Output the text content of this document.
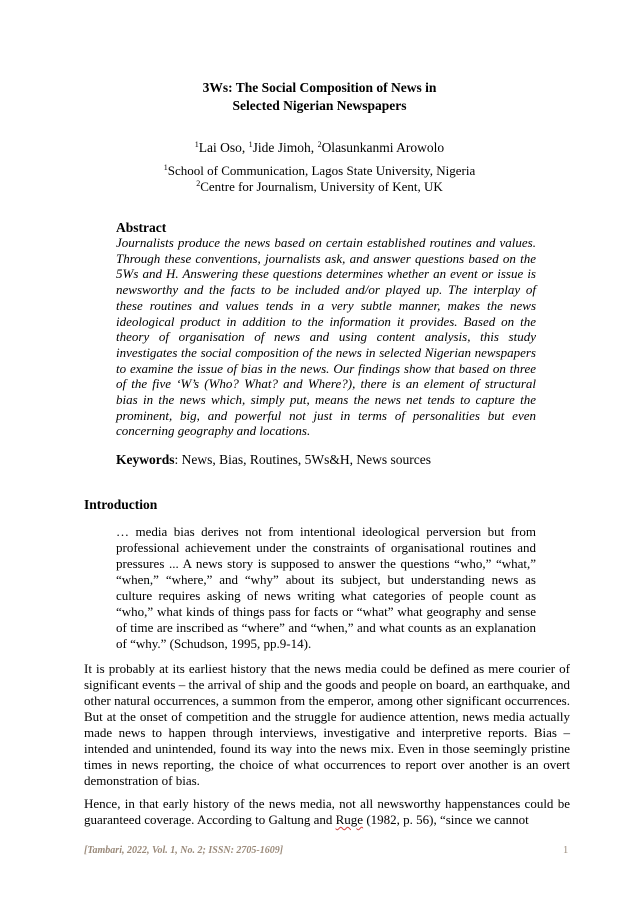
3Ws: The Social Composition of News in
Selected Nigerian Newspapers
$^1$Lai Oso, $^1$Jide Jimoh, $^2$Olasunkanmi Arowolo
$^1$School of Communication, Lagos State University, Nigeria
$^2$Centre for Journalism, University of Kent, UK
Abstract
Journalists produce the news based on certain established routines and values. Through these conventions, journalists ask, and answer questions based on the 5Ws and H. Answering these questions determines whether an event or issue is newsworthy and the facts to be included and/or played up. The interplay of these routines and values tends in a very subtle manner, makes the news ideological product in addition to the information it provides. Based on the theory of organisation of news and using content analysis, this study investigates the social composition of the news in selected Nigerian newspapers to examine the issue of bias in the news. Our findings show that based on three of the five ‘W’s (Who? What? and Where?), there is an element of structural bias in the news which, simply put, means the news net tends to capture the prominent, big, and powerful not just in terms of personalities but even concerning geography and locations.
Keywords: News, Bias, Routines, 5Ws&H, News sources
Introduction
… media bias derives not from intentional ideological perversion but from professional achievement under the constraints of organisational routines and pressures ... A news story is supposed to answer the questions “who,” “what,” “when,” “where,” and “why” about its subject, but understanding news as culture requires asking of news writing what categories of people count as “who,” what kinds of things pass for facts or “what” what geography and sense of time are inscribed as “where” and “when,” and what counts as an explanation of “why.” (Schudson, 1995, pp.9-14).
It is probably at its earliest history that the news media could be defined as mere courier of significant events – the arrival of ship and the goods and people on board, an earthquake, and other natural occurrences, a summon from the emperor, among other significant occurrences. But at the onset of competition and the struggle for audience attention, news media actually made news to happen through interviews, investigative and interpretive reports. Bias – intended and unintended, found its way into the news mix. Even in those seemingly pristine times in news reporting, the choice of what occurrences to report over another is an overt demonstration of bias.
Hence, in that early history of the news media, not all newsworthy happenstances could be guaranteed coverage. According to Galtung and Ruge (1982, p. 56), “since we cannot
[Tambari, 2022, Vol. 1, No. 2; ISSN: 2705-1609]	1
